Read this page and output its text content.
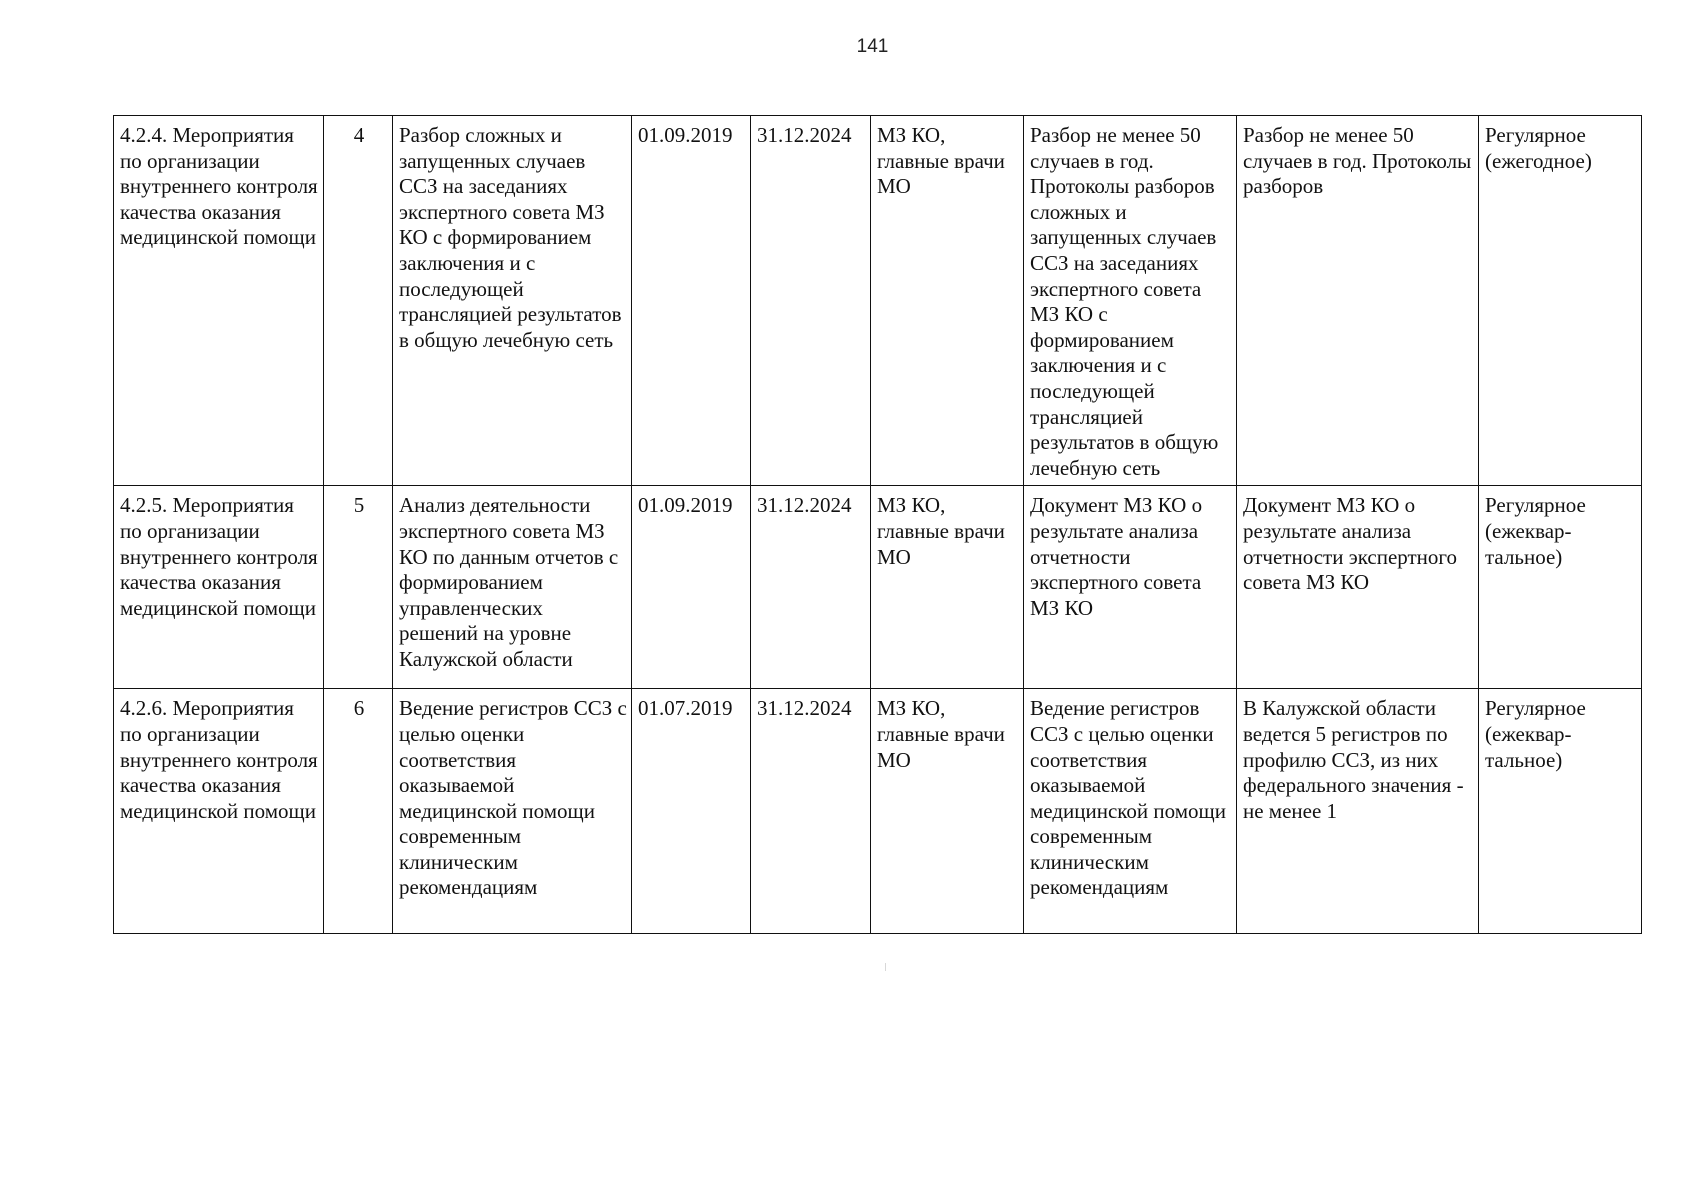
141
4.2.4. Мероприятия по организации внутреннего контроля качества оказания медицинской помощи	4	Разбор сложных и запущенных случаев ССЗ на заседаниях экспертного совета МЗ КО с формированием заключения и с последующей трансляцией результатов в общую лечебную сеть	01.09.2019	31.12.2024	МЗ КО, главные врачи МО	Разбор не менее 50 случаев в год. Протоколы разборов сложных и запущенных случаев ССЗ на заседаниях экспертного совета МЗ КО с формированием заключения и с последующей трансляцией результатов в общую лечебную сеть	Разбор не менее 50 случаев в год. Протоколы разборов	Регулярное (ежегодное)
4.2.5. Мероприятия по организации внутреннего контроля качества оказания медицинской помощи	5	Анализ деятельности экспертного совета МЗ КО по данным отчетов с формированием управленческих решений на уровне Калужской области	01.09.2019	31.12.2024	МЗ КО, главные врачи МО	Документ МЗ КО о результате анализа отчетности экспертного совета МЗ КО	Документ МЗ КО о результате анализа отчетности экспертного совета МЗ КО	Регулярное (ежеквар-тальное)
4.2.6. Мероприятия по организации внутреннего контроля качества оказания медицинской помощи	6	Ведение регистров ССЗ с целью оценки соответствия оказываемой медицинской помощи современным клиническим рекомендациям	01.07.2019	31.12.2024	МЗ КО, главные врачи МО	Ведение регистров ССЗ с целью оценки соответствия оказываемой медицинской помощи современным клиническим рекомендациям	В Калужской области ведется 5 регистров по профилю ССЗ, из них федерального значения - не менее 1	Регулярное (ежеквар-тальное)
